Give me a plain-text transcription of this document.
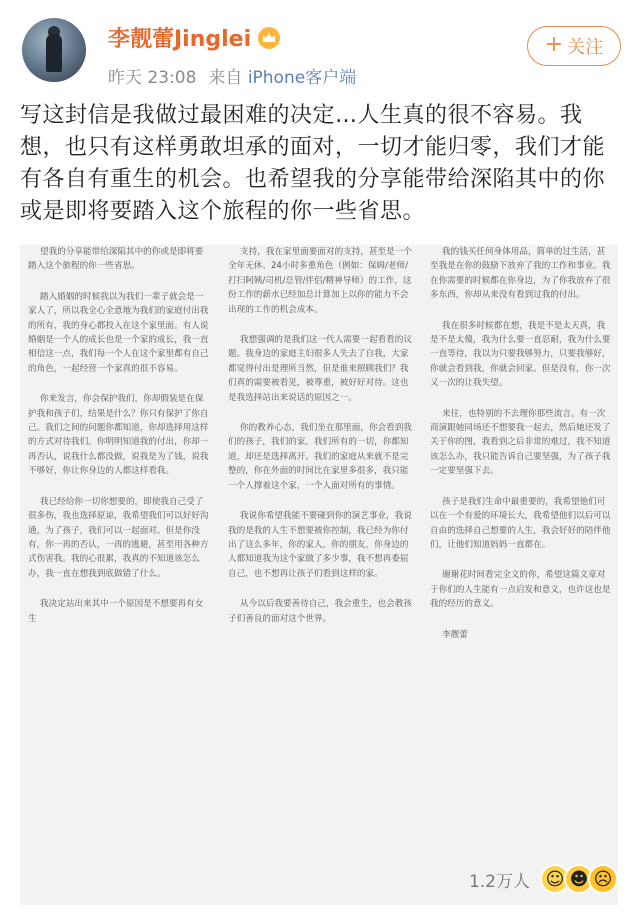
李靓蕾Jinglei
昨天 23:08 来自 iPhone客户端
+ 关注
写这封信是我做过最困难的决定…人生真的很不容易。我想，也只有这样勇敢坦承的面对，一切才能归零，我们才能有各自有重生的机会。也希望我的分享能带给深陷其中的你或是即将要踏入这个旅程的你一些省思。

望我的分享能带给深陷其中的你或是即将要踏入这个旅程的你一些省思。

踏入婚姻的时候我以为我们一辈子就会是一家人了，所以我全心全意地为我们的家庭付出我的所有，我的身心都投入在这个家里面。有人说婚姻是一个人的成长也是一个家的成长，我一直相信这一点，我们每一个人在这个家里都有自己的角色，一起经营一个家真的很不容易。

你来发言，你会保护我们，你却假装是在保护我和孩子们，结果是什么？你只有保护了你自己。我们之间的问题你都知道，你却选择用这样的方式对待我们。你明明知道我的付出，你却一再否认，说我什么都没做，说我是为了钱，说我不够好，你让你身边的人都这样看我。

我已经给你一切你想要的，即使我自己受了很多伤，我也选择原谅，我希望我们可以好好沟通，为了孩子，我们可以一起面对。但是你没有，你一再的否认，一再的逃避，甚至用各种方式伤害我。我的心很累，我真的不知道该怎么办，我一直在想我到底做错了什么。

我决定站出来其中一个原因是不想要再有女生

支持，我在家里面要面对的支持，甚至是一个全年无休、24小时多重角色（例如：保姆/老师/打扫阿姨/司机/总管/伴侣/精神导师）的工作，这份工作的薪水已经加总计算加上以你的能力不会出现的工作的机会成本。

我想强调的是我们这一代人需要一起看看的议题。我身边的家庭主妇很多人失去了自我，大家都觉得付出是理所当然，但是谁来照顾我们？我们真的需要被看见，被尊重，被好好对待。这也是我选择站出来说话的原因之一。

你的教养心态，我们坐在那里面，你会看到我们的孩子，我们的家，我们所有的一切，你都知道，却还是选择离开。我们的家庭从来就不是完整的，你在外面的时间比在家里多很多，我只能一个人撑着这个家，一个人面对所有的事情。

我说你希望我能不要碰到你的演艺事业，我说我的是我的人生不想要被你控制，我已经为你付出了这么多年，你的家人，你的朋友，你身边的人都知道我为这个家做了多少事，我不想再委屈自己，也不想再让孩子们看到这样的家。

从今以后我要善待自己，我会重生，也会教孩子们善良的面对这个世界。

我的钱买任何身体用品，简单的过生活，甚至我是在你的鼓励下放弃了我的工作和事业。我在你需要的时候都在你身边，为了你我放弃了很多东西，你却从来没有看到过我的付出。

我在很多时候都在想，我是不是太天真，我是不是太傻，我为什么要一直忍耐，我为什么要一直等待，我以为只要我够努力，只要我够好，你就会看到我，你就会回家。但是没有，你一次又一次的让我失望。

来往，也特别的不去理你那些流言。有一次商演跟她同场还不想要我一起去，然后她还发了关于你的图，我看到之后非常的难过，我不知道该怎么办，我只能告诉自己要坚强，为了孩子我一定要坚强下去。

孩子是我们生命中最重要的，我希望他们可以在一个有爱的环境长大，我希望他们以后可以自由的选择自己想要的人生，我会好好的陪伴他们，让他们知道妈妈一直都在。

谢谢花时间看完全文的你，希望这篇文章对于你们的人生能有一点启发和意义，也许这也是我的经历的意义。

李靓蕾

1.2万人 ☺ ☻ ☹
